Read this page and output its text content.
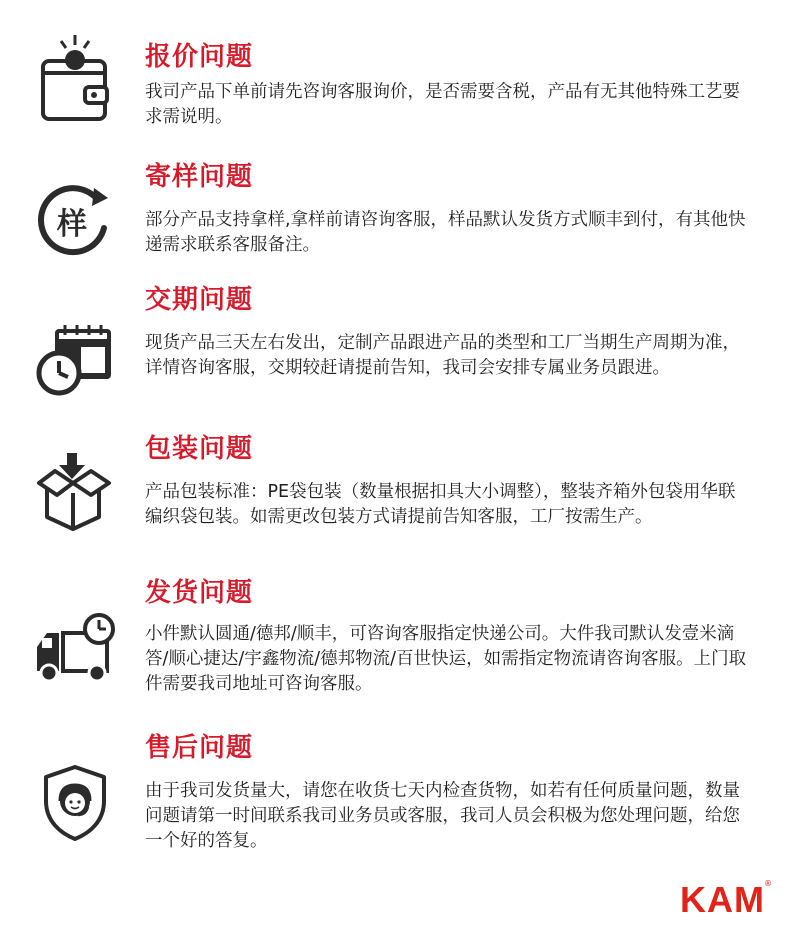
报价问题
我司产品下单前请先咨询客服询价，是否需要含税，产品有无其他特殊工艺要求需说明。
样
寄样问题
部分产品支持拿样,拿样前请咨询客服，样品默认发货方式顺丰到付，有其他快递需求联系客服备注。
交期问题
现货产品三天左右发出，定制产品跟进产品的类型和工厂当期生产周期为准，详情咨询客服，交期较赶请提前告知，我司会安排专属业务员跟进。
包装问题
产品包装标准：PE袋包装（数量根据扣具大小调整），整装齐箱外包袋用华联编织袋包装。如需更改包装方式请提前告知客服，工厂按需生产。
发货问题
小件默认圆通/德邦/顺丰，可咨询客服指定快递公司。大件我司默认发壹米滴答/顺心捷达/宇鑫物流/德邦物流/百世快运，如需指定物流请咨询客服。上门取件需要我司地址可咨询客服。
售后问题
由于我司发货量大，请您在收货七天内检查货物，如若有任何质量问题，数量问题请第一时间联系我司业务员或客服，我司人员会积极为您处理问题，给您一个好的答复。
KAM ®
